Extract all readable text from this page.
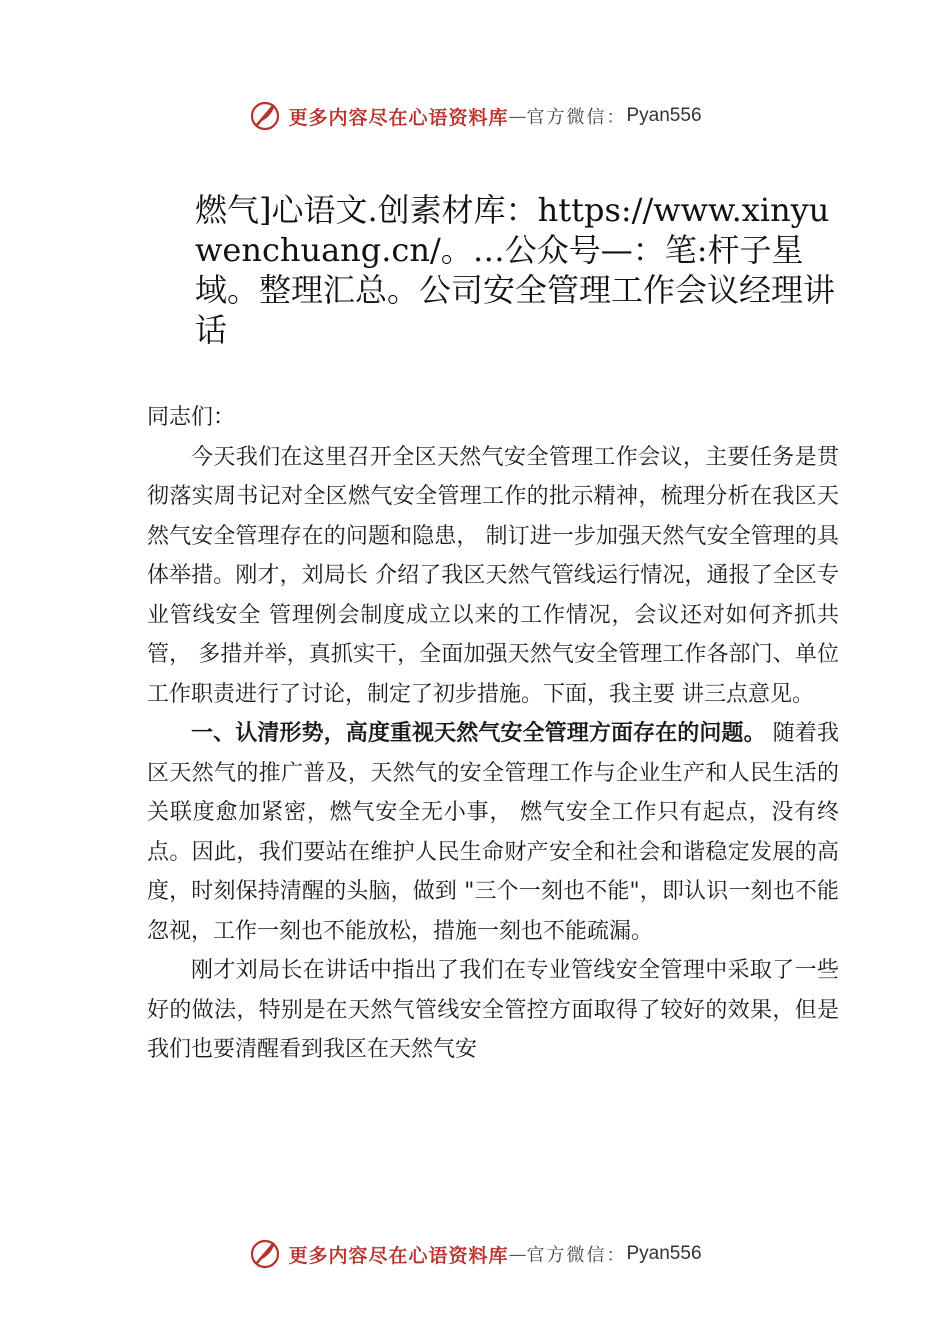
更多内容尽在心语资料库 — 官方微信： Pyan556
燃气]心语文.创素材库：https://www.xinyuwenchuang.cn/。…公众号—：笔:杆子星域。整理汇总。公司安全管理工作会议经理讲话

同志们：

今天我们在这里召开全区天然气安全管理工作会议，主要任务是贯彻落实周书记对全区燃气安全管理工作的批示精神，梳理分析在我区天然气安全管理存在的问题和隐患， 制订进一步加强天然气安全管理的具体举措。刚才，刘局长 介绍了我区天然气管线运行情况，通报了全区专业管线安全 管理例会制度成立以来的工作情况，会议还对如何齐抓共管， 多措并举，真抓实干，全面加强天然气安全管理工作各部门、单位工作职责进行了讨论，制定了初步措施。下面，我主要 讲三点意见。

一、认清形势，高度重视天然气安全管理方面存在的问题。 随着我区天然气的推广普及，天然气的安全管理工作与企业生产和人民生活的关联度愈加紧密，燃气安全无小事， 燃气安全工作只有起点，没有终点。因此，我们要站在维护人民生命财产安全和社会和谐稳定发展的高度，时刻保持清醒的头脑，做到 "三个一刻也不能"，即认识一刻也不能忽视，工作一刻也不能放松，措施一刻也不能疏漏。

刚才刘局长在讲话中指出了我们在专业管线安全管理中采取了一些好的做法，特别是在天然气管线安全管控方面取得了较好的效果，但是我们也要清醒看到我区在天然气安

更多内容尽在心语资料库 — 官方微信： Pyan556
